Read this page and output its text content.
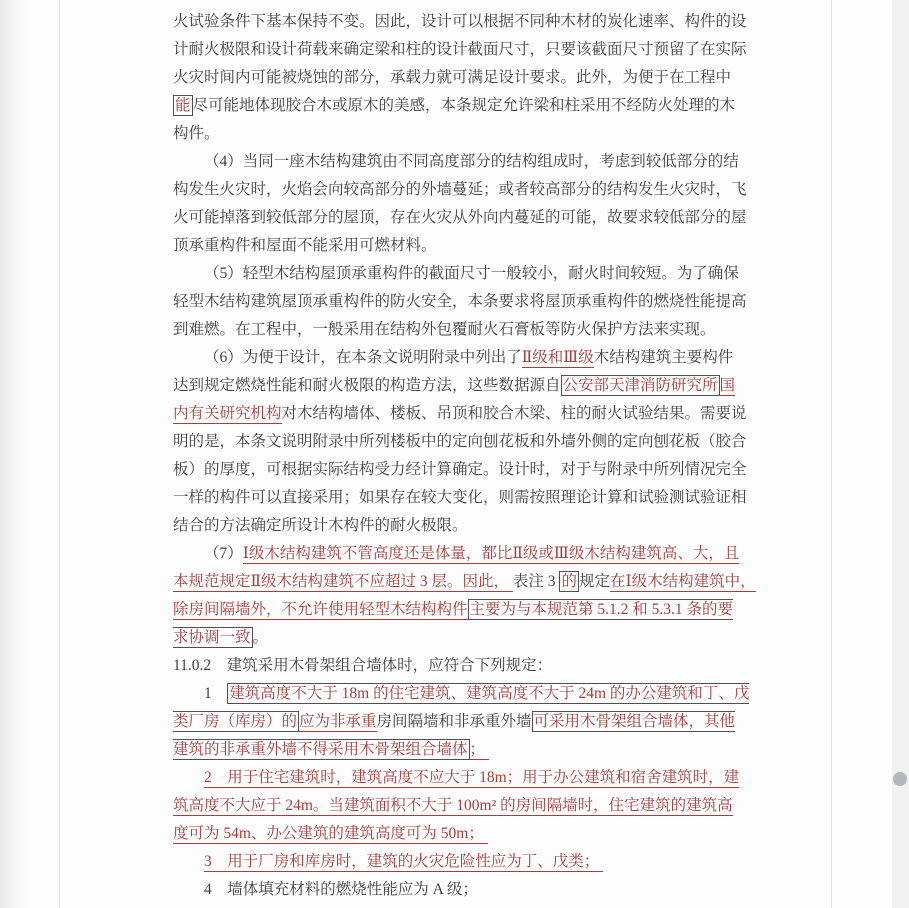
火试验条件下基本保持不变。因此，设计可以根据不同种木材的炭化速率、构件的设
计耐火极限和设计荷载来确定梁和柱的设计截面尺寸，只要该截面尺寸预留了在实际
火灾时间内可能被烧蚀的部分，承载力就可满足设计要求。此外，为便于在工程中
能 尽可能地体现胶合木或原木的美感，本条规定允许梁和柱采用不经防火处理的木
构件。
（4）当同一座木结构建筑由不同高度部分的结构组成时，考虑到较低部分的结
构发生火灾时，火焰会向较高部分的外墙蔓延；或者较高部分的结构发生火灾时，飞
火可能掉落到较低部分的屋顶，存在火灾从外向内蔓延的可能，故要求较低部分的屋
顶承重构件和屋面不能采用可燃材料。
（5）轻型木结构屋顶承重构件的截面尺寸一般较小，耐火时间较短。为了确保
轻型木结构建筑屋顶承重构件的防火安全，本条要求将屋顶承重构件的燃烧性能提高
到难燃。在工程中，一般采用在结构外包覆耐火石膏板等防火保护方法来实现。
（6）为便于设计，在本条文说明附录中列出了Ⅱ级和Ⅲ级木结构建筑主要构件
达到规定燃烧性能和耐火极限的构造方法，这些数据源自 公安部天津消防研究所 国
内有关研究机构对木结构墙体、楼板、吊顶和胶合木梁、柱的耐火试验结果。需要说
明的是，本条文说明附录中所列楼板中的定向刨花板和外墙外侧的定向刨花板（胶合
板）的厚度，可根据实际结构受力经计算确定。设计时，对于与附录中所列情况完全
一样的构件可以直接采用；如果存在较大变化，则需按照理论计算和试验测试验证相
结合的方法确定所设计木构件的耐火极限。
（7）Ⅰ级木结构建筑不管高度还是体量，都比Ⅱ级或Ⅲ级木结构建筑高、大，且
本规范规定Ⅱ级木结构建筑不应超过 3 层。因此， 表注 3 的 规定在Ⅰ级木结构建筑中，
除房间隔墙外，不允许使用轻型木结构构件 主要为与本规范第 5.1.2 和 5.3.1 条的要
求协调一致 。
11.0.2　建筑采用木骨架组合墙体时，应符合下列规定：
1　建筑高度不大于 18m 的住宅建筑、建筑高度不大于 24m 的办公建筑和丁、戊
类厂房（库房）的 应为非承重房间隔墙和非承重外墙 可采用木骨架组合墙体，其他
建筑的非承重外墙不得采用木骨架组合墙体 ；
2　用于住宅建筑时，建筑高度不应大于 18m；用于办公建筑和宿舍建筑时，建
筑高度不大应于 24m。当建筑面积不大于 100m² 的房间隔墙时，住宅建筑的建筑高
度可为 54m、办公建筑的建筑高度可为 50m；
3　用于厂房和库房时，建筑的火灾危险性应为丁、戊类；
4　墙体填充材料的燃烧性能应为 A 级；
